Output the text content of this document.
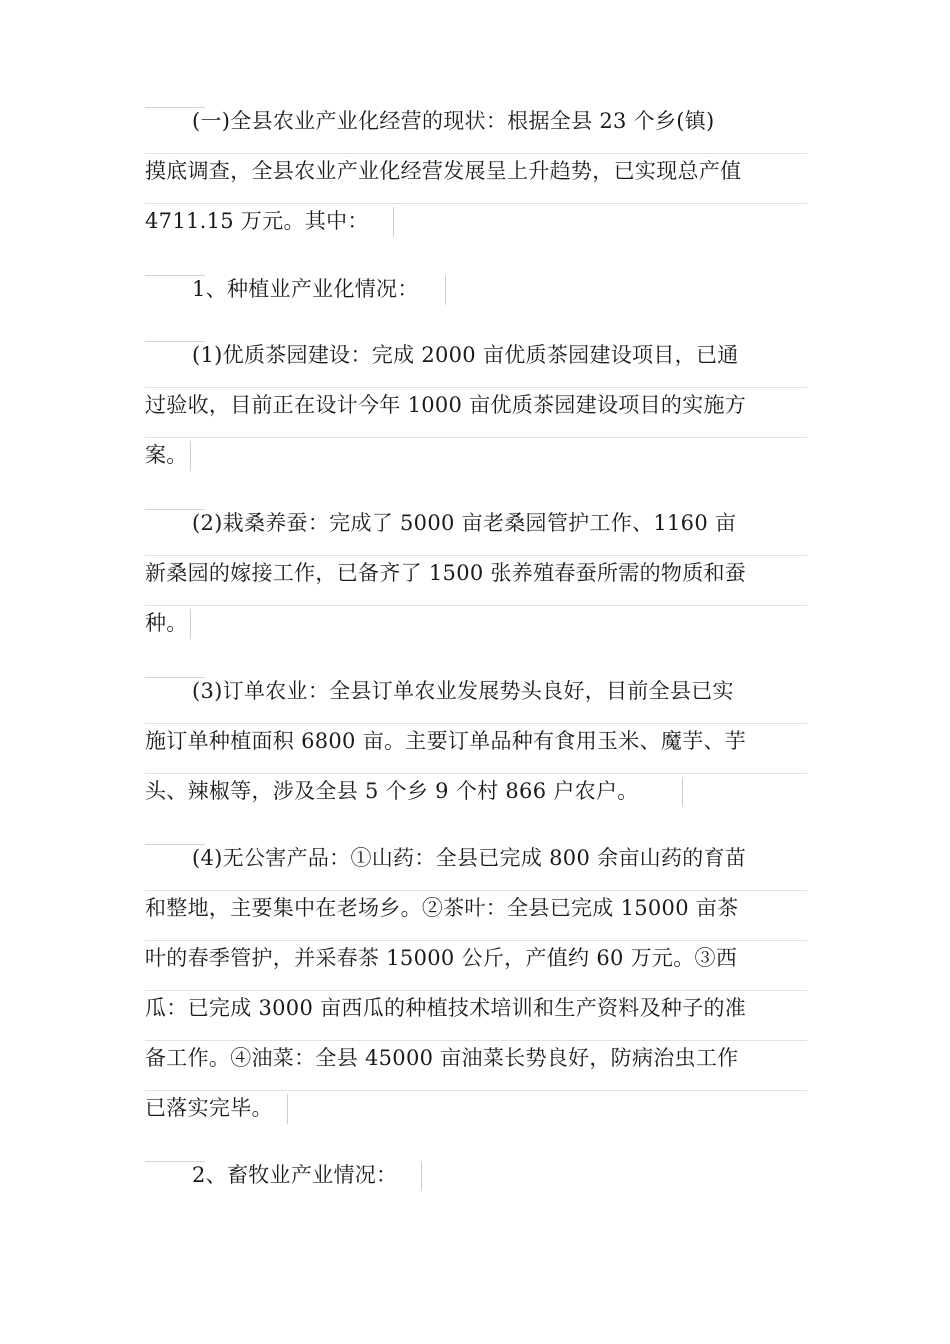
(一)全县农业产业化经营的现状：根据全县 23 个乡(镇)
摸底调查，全县农业产业化经营发展呈上升趋势，已实现总产值
4711.15 万元。其中：
1、种植业产业化情况：
(1)优质茶园建设：完成 2000 亩优质茶园建设项目，已通
过验收，目前正在设计今年 1000 亩优质茶园建设项目的实施方
案。
(2)栽桑养蚕：完成了 5000 亩老桑园管护工作、1160 亩
新桑园的嫁接工作，已备齐了 1500 张养殖春蚕所需的物质和蚕
种。
(3)订单农业：全县订单农业发展势头良好，目前全县已实
施订单种植面积 6800 亩。主要订单品种有食用玉米、魔芋、芋
头、辣椒等，涉及全县 5 个乡 9 个村 866 户农户。
(4)无公害产品：①山药：全县已完成 800 余亩山药的育苗
和整地，主要集中在老场乡。②茶叶：全县已完成 15000 亩茶
叶的春季管护，并采春茶 15000 公斤，产值约 60 万元。③西
瓜：已完成 3000 亩西瓜的种植技术培训和生产资料及种子的准
备工作。④油菜：全县 45000 亩油菜长势良好，防病治虫工作
已落实完毕。
2、畜牧业产业情况：
